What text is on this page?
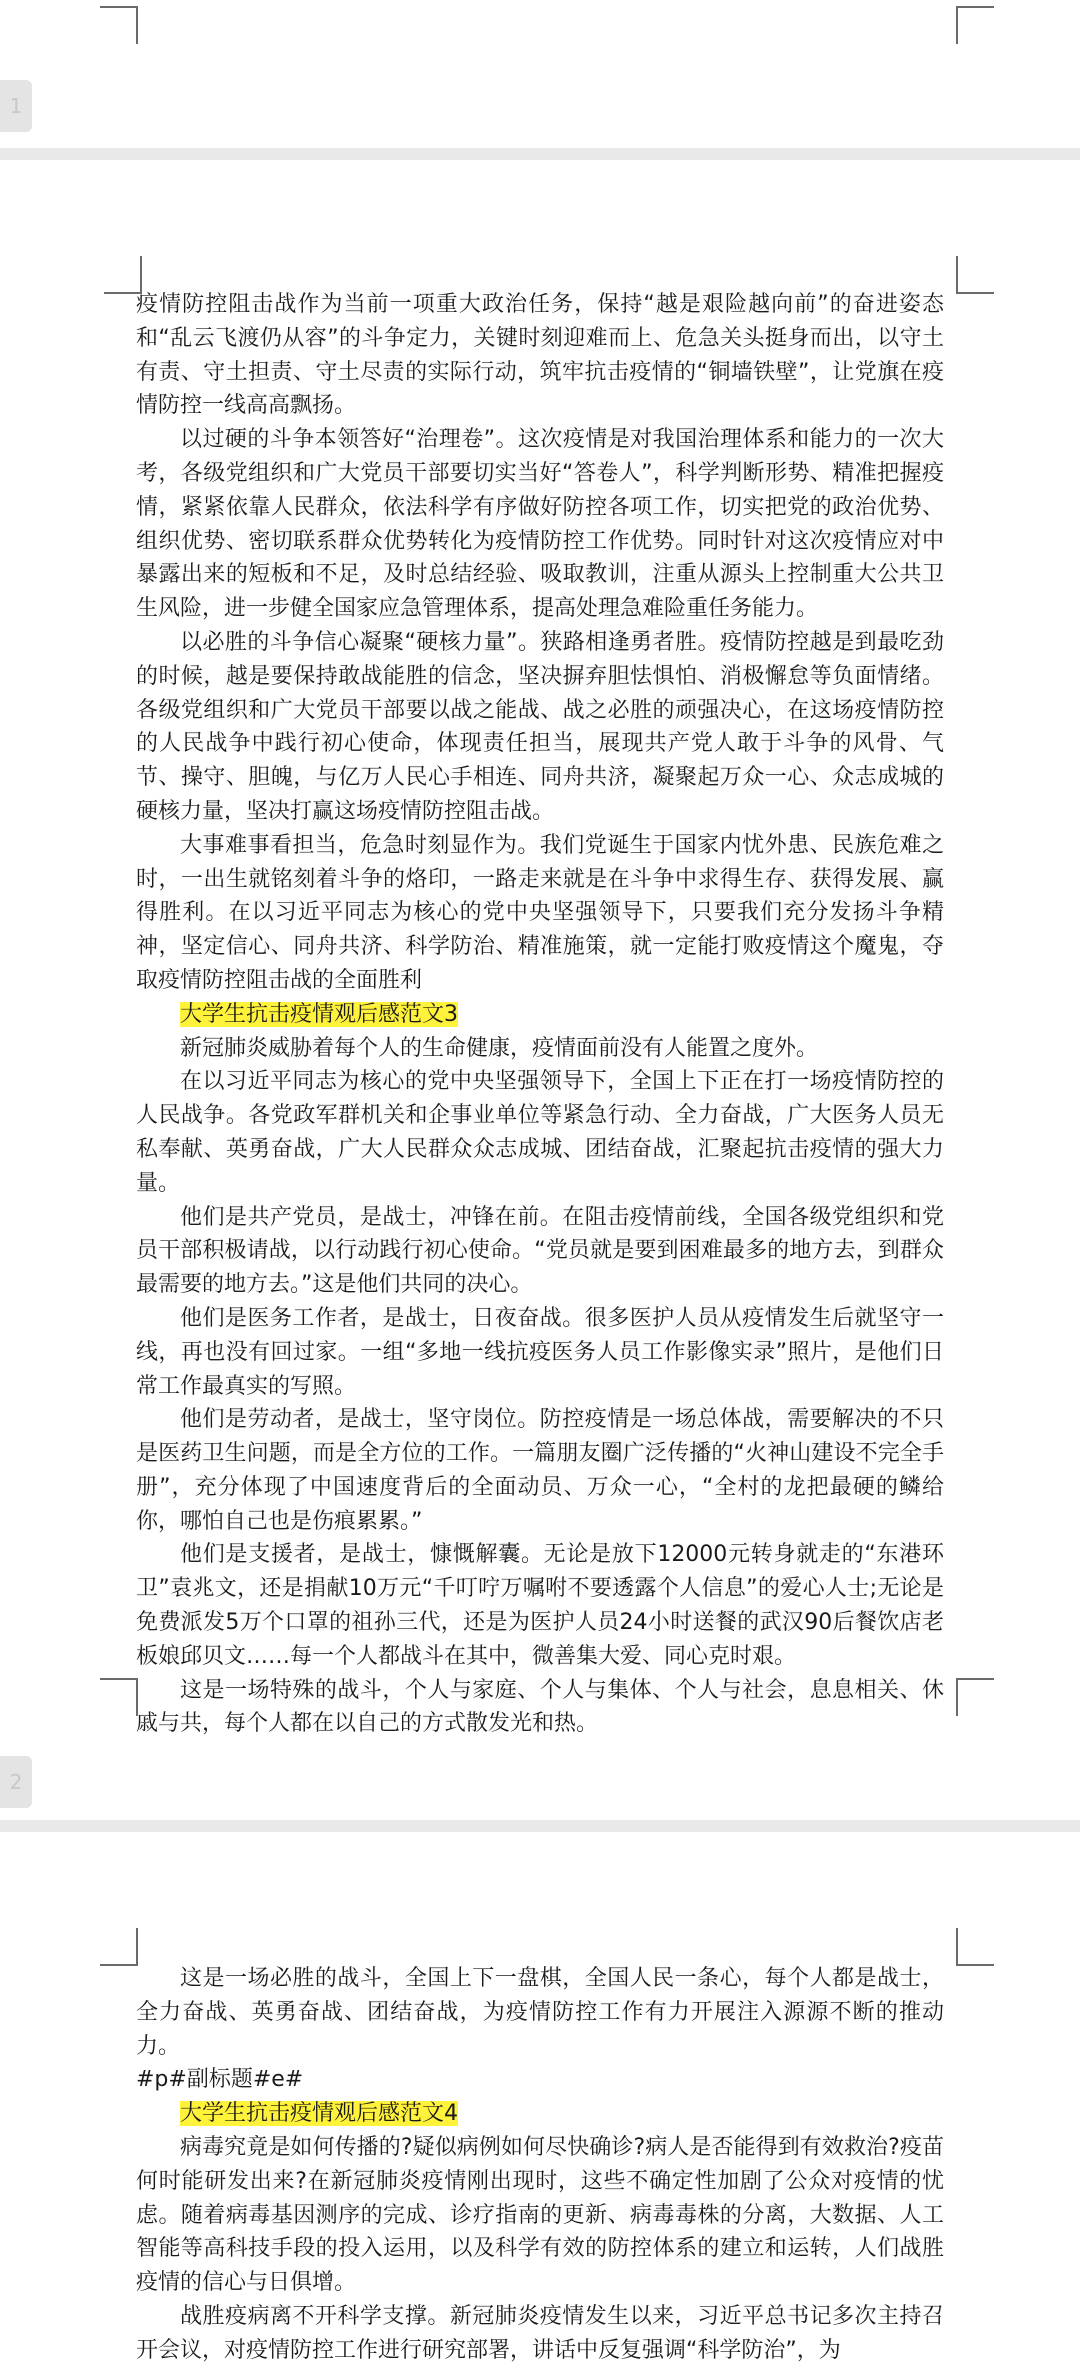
1

疫情防控阻击战作为当前一项重大政治任务，保持“越是艰险越向前”的奋进姿态和“乱云飞渡仍从容”的斗争定力，关键时刻迎难而上、危急关头挺身而出，以守土有责、守土担责、守土尽责的实际行动，筑牢抗击疫情的“铜墙铁壁”，让党旗在疫情防控一线高高飘扬。

以过硬的斗争本领答好“治理卷”。这次疫情是对我国治理体系和能力的一次大考，各级党组织和广大党员干部要切实当好“答卷人”，科学判断形势、精准把握疫情，紧紧依靠人民群众，依法科学有序做好防控各项工作，切实把党的政治优势、组织优势、密切联系群众优势转化为疫情防控工作优势。同时针对这次疫情应对中暴露出来的短板和不足，及时总结经验、吸取教训，注重从源头上控制重大公共卫生风险，进一步健全国家应急管理体系，提高处理急难险重任务能力。

以必胜的斗争信心凝聚“硬核力量”。狭路相逢勇者胜。疫情防控越是到最吃劲的时候，越是要保持敢战能胜的信念，坚决摒弃胆怯惧怕、消极懈怠等负面情绪。各级党组织和广大党员干部要以战之能战、战之必胜的顽强决心，在这场疫情防控的人民战争中践行初心使命，体现责任担当，展现共产党人敢于斗争的风骨、气节、操守、胆魄，与亿万人民心手相连、同舟共济，凝聚起万众一心、众志成城的硬核力量，坚决打赢这场疫情防控阻击战。

大事难事看担当，危急时刻显作为。我们党诞生于国家内忧外患、民族危难之时，一出生就铭刻着斗争的烙印，一路走来就是在斗争中求得生存、获得发展、赢得胜利。在以习近平同志为核心的党中央坚强领导下，只要我们充分发扬斗争精神，坚定信心、同舟共济、科学防治、精准施策，就一定能打败疫情这个魔鬼，夺取疫情防控阻击战的全面胜利

大学生抗击疫情观后感范文3

新冠肺炎威胁着每个人的生命健康，疫情面前没有人能置之度外。

在以习近平同志为核心的党中央坚强领导下，全国上下正在打一场疫情防控的人民战争。各党政军群机关和企事业单位等紧急行动、全力奋战，广大医务人员无私奉献、英勇奋战，广大人民群众众志成城、团结奋战，汇聚起抗击疫情的强大力量。

他们是共产党员，是战士，冲锋在前。在阻击疫情前线，全国各级党组织和党员干部积极请战，以行动践行初心使命。“党员就是要到困难最多的地方去，到群众最需要的地方去。”这是他们共同的决心。

他们是医务工作者，是战士，日夜奋战。很多医护人员从疫情发生后就坚守一线，再也没有回过家。一组“多地一线抗疫医务人员工作影像实录”照片，是他们日常工作最真实的写照。

他们是劳动者，是战士，坚守岗位。防控疫情是一场总体战，需要解决的不只是医药卫生问题，而是全方位的工作。一篇朋友圈广泛传播的“火神山建设不完全手册”，充分体现了中国速度背后的全面动员、万众一心，“全村的龙把最硬的鳞给你，哪怕自己也是伤痕累累。”

他们是支援者，是战士，慷慨解囊。无论是放下12000元转身就走的“东港环卫”袁兆文，还是捐献10万元“千叮咛万嘱咐不要透露个人信息”的爱心人士;无论是免费派发5万个口罩的祖孙三代，还是为医护人员24小时送餐的武汉90后餐饮店老板娘邱贝文……每一个人都战斗在其中，微善集大爱、同心克时艰。

这是一场特殊的战斗，个人与家庭、个人与集体、个人与社会，息息相关、休戚与共，每个人都在以自己的方式散发光和热。

2

这是一场必胜的战斗，全国上下一盘棋，全国人民一条心，每个人都是战士，全力奋战、英勇奋战、团结奋战，为疫情防控工作有力开展注入源源不断的推动力。

#p#副标题#e#

大学生抗击疫情观后感范文4

病毒究竟是如何传播的?疑似病例如何尽快确诊?病人是否能得到有效救治?疫苗何时能研发出来?在新冠肺炎疫情刚出现时，这些不确定性加剧了公众对疫情的忧虑。随着病毒基因测序的完成、诊疗指南的更新、病毒毒株的分离，大数据、人工智能等高科技手段的投入运用，以及科学有效的防控体系的建立和运转，人们战胜疫情的信心与日俱增。

战胜疫病离不开科学支撑。新冠肺炎疫情发生以来，习近平总书记多次主持召开会议，对疫情防控工作进行研究部署，讲话中反复强调“科学防治”，为
